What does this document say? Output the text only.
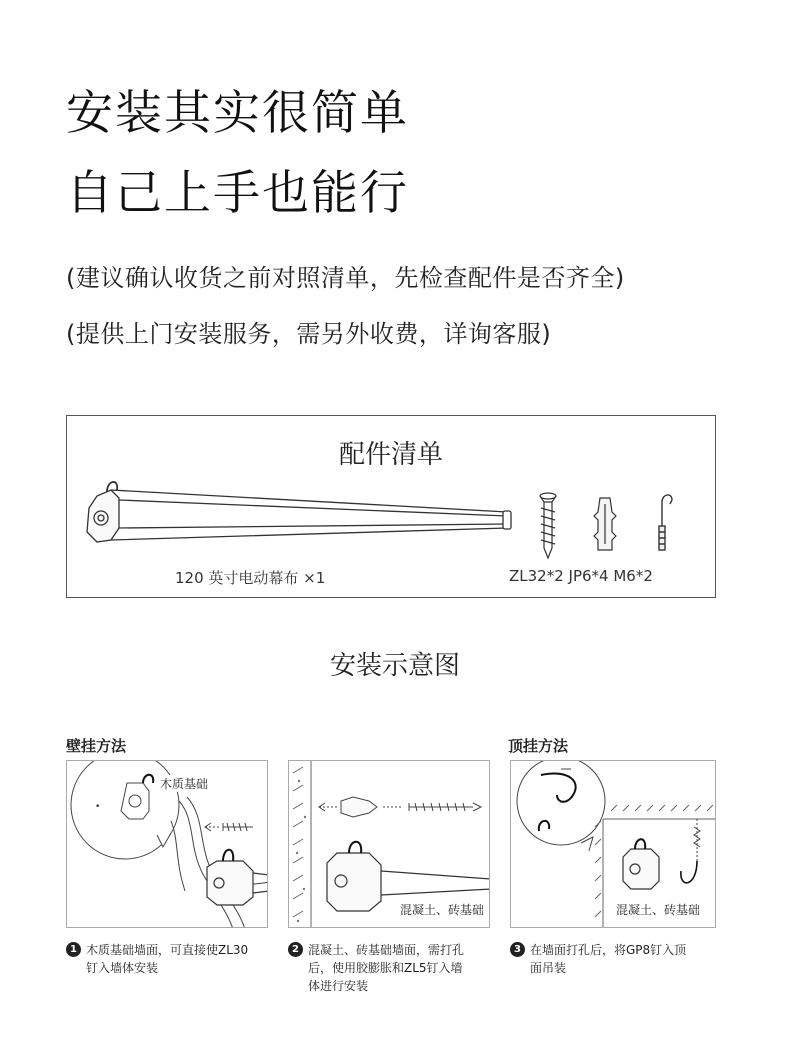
安装其实很简单
自己上手也能行
(建议确认收货之前对照清单，先检查配件是否齐全)
(提供上门安装服务，需另外收费，详询客服)
配件清单
120 英寸电动幕布 ×1	ZL32*2 JP6*4 M6*2
安装示意图
壁挂方法	顶挂方法
•
木质基础
混凝土、砖基础	混凝土、砖基础
1 木质基础墙面，可直接使ZL30
钉入墙体安装
2 混凝土、砖基础墙面，需打孔
后，使用胶膨胀和ZL5钉入墙
体进行安装
3 在墙面打孔后，将GP8钉入顶
面吊装
